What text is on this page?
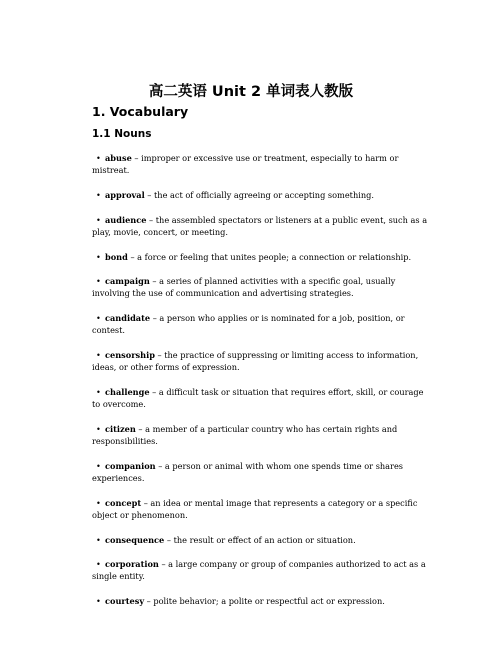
高二英语 Unit 2 单词表人教版
1. Vocabulary
1.1 Nouns

• abuse – improper or excessive use or treatment, especially to harm or mistreat.

• approval – the act of officially agreeing or accepting something.

• audience – the assembled spectators or listeners at a public event, such as a play, movie, concert, or meeting.

• bond – a force or feeling that unites people; a connection or relationship.

• campaign – a series of planned activities with a specific goal, usually involving the use of communication and advertising strategies.

• candidate – a person who applies or is nominated for a job, position, or contest.

• censorship – the practice of suppressing or limiting access to information, ideas, or other forms of expression.

• challenge – a difficult task or situation that requires effort, skill, or courage to overcome.

• citizen – a member of a particular country who has certain rights and responsibilities.

• companion – a person or animal with whom one spends time or shares experiences.

• concept – an idea or mental image that represents a category or a specific object or phenomenon.

• consequence – the result or effect of an action or situation.

• corporation – a large company or group of companies authorized to act as a single entity.

• courtesy – polite behavior; a polite or respectful act or expression.
